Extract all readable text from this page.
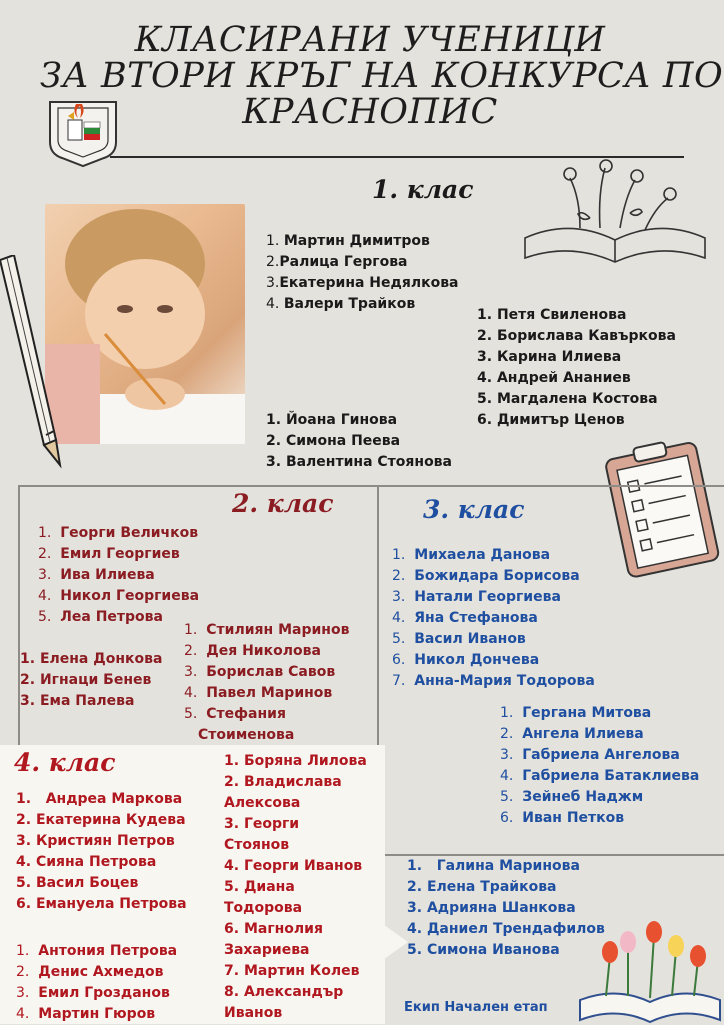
КЛАСИРАНИ УЧЕНИЦИ
ЗА ВТОРИ КРЪГ НА КОНКУРСА ПО
КРАСНОПИС
1. клас
1. Мартин Димитров
2.Ралица Гергова
3.Екатерина Недялкова
4. Валери Трайков
1. Петя Свиленова
2. Борислава Кавъркова
3. Карина Илиева
4. Андрей Ананиев
5. Магдалена Костова
6. Димитър Ценов
1. Йоана Гинова
2. Симона Пеева
3. Валентина Стоянова
2. клас
1.  Георги Величков
2.  Емил Георгиев
3.  Ива Илиева
4.  Никол Георгиева
5.  Леа Петрова
1.  Стилиян Маринов
2.  Дея Николова
3.  Борислав Савов
4.  Павел Маринов
5.  Стефания
Стоименова
1. Елена Донкова
2. Игнаци Бенев
3. Ема Палева
3. клас
1.  Михаела Данова
2.  Божидара Борисова
3.  Натали Георгиева
4.  Яна Стефанова
5.  Васил Иванов
6.  Никол Дончева
7.  Анна-Мария Тодорова
1.  Гергана Митова
2.  Ангела Илиева
3.  Габриела Ангелова
4.  Габриела Батаклиева
5.  Зейнеб Наджм
6.  Иван Петков
1.   Галина Маринова
2. Елена Трайкова
3. Адрияна Шанкова
4. Даниел Трендафилов
5. Симона Иванова
4. клас
1.   Андреа Маркова
2. Екатерина Кудева
3. Кристиян Петров
4. Сияна Петрова
5. Васил Боцев
6. Емануела Петрова
1. Боряна Лилова
2. Владислава
Алексова
3. Георги
Стоянов
4. Георги Иванов
5. Диана
Тодорова
6. Магнолия
Захариева
7. Мартин Колев
8. Александър
Иванов
1.  Антония Петрова
2.  Денис Ахмедов
3.  Емил Грозданов
4.  Мартин Гюров	Екип Начален етап
